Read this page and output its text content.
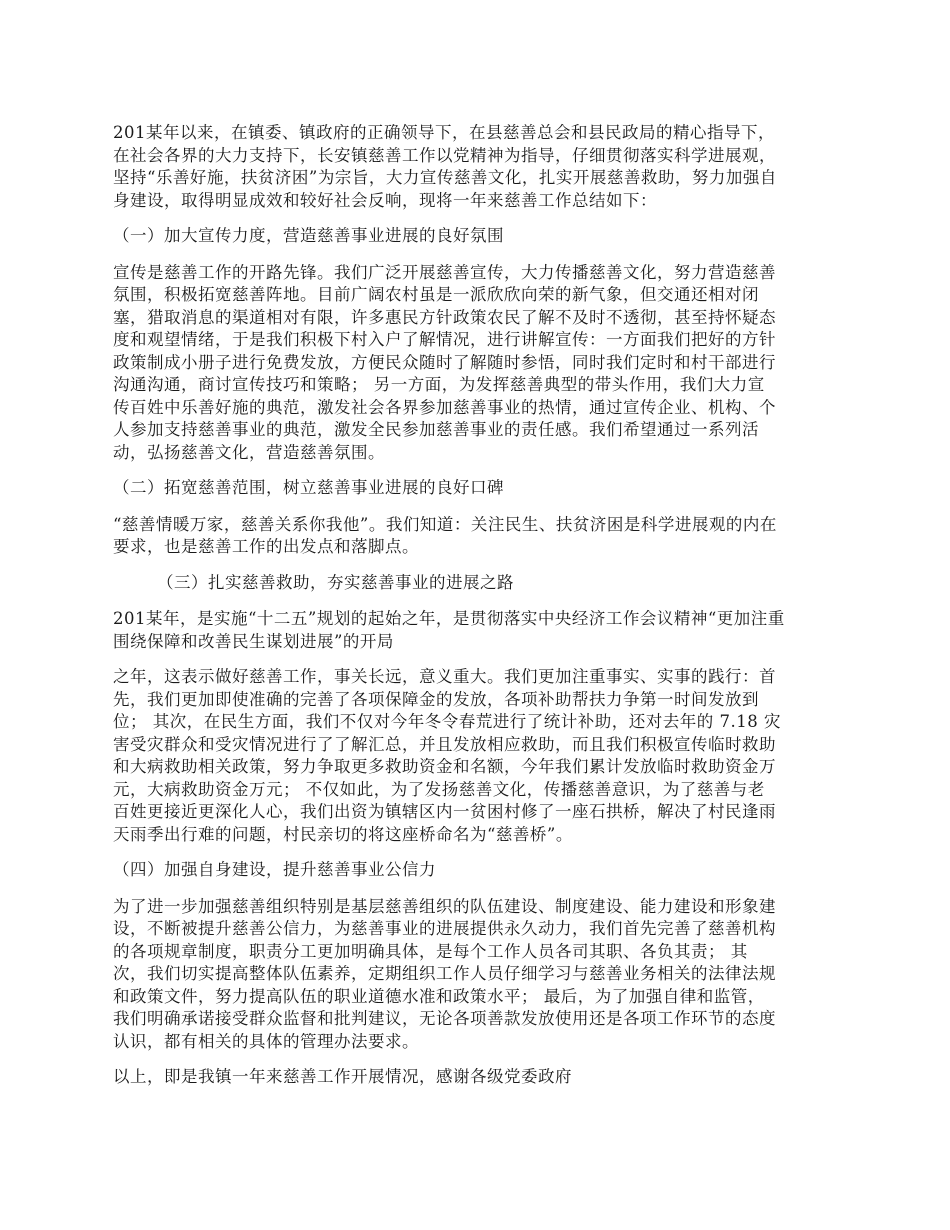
201某年以来，在镇委、镇政府的正确领导下，在县慈善总会和县民政局的精心指导下，
在社会各界的大力支持下，长安镇慈善工作以党精神为指导，仔细贯彻落实科学进展观，
坚持“乐善好施，扶贫济困”为宗旨，大力宣传慈善文化，扎实开展慈善救助，努力加强自
身建设，取得明显成效和较好社会反响，现将一年来慈善工作总结如下：

（一）加大宣传力度，营造慈善事业进展的良好氛围

宣传是慈善工作的开路先锋。我们广泛开展慈善宣传，大力传播慈善文化，努力营造慈善
氛围，积极拓宽慈善阵地。目前广阔农村虽是一派欣欣向荣的新气象，但交通还相对闭
塞，猎取消息的渠道相对有限，许多惠民方针政策农民了解不及时不透彻，甚至持怀疑态
度和观望情绪，于是我们积极下村入户了解情况，进行讲解宣传：一方面我们把好的方针
政策制成小册子进行免费发放，方便民众随时了解随时参悟，同时我们定时和村干部进行
沟通沟通，商讨宣传技巧和策略； 另一方面，为发挥慈善典型的带头作用，我们大力宣
传百姓中乐善好施的典范，激发社会各界参加慈善事业的热情，通过宣传企业、机构、个
人参加支持慈善事业的典范，激发全民参加慈善事业的责任感。我们希望通过一系列活
动，弘扬慈善文化，营造慈善氛围。

（二）拓宽慈善范围，树立慈善事业进展的良好口碑

“慈善情暖万家，慈善关系你我他”。我们知道：关注民生、扶贫济困是科学进展观的内在
要求，也是慈善工作的出发点和落脚点。

（三）扎实慈善救助，夯实慈善事业的进展之路

201某年，是实施“十二五”规划的起始之年，是贯彻落实中央经济工作会议精神“更加注重
围绕保障和改善民生谋划进展”的开局

之年，这表示做好慈善工作，事关长远，意义重大。我们更加注重事实、实事的践行：首
先，我们更加即使准确的完善了各项保障金的发放，各项补助帮扶力争第一时间发放到
位； 其次，在民生方面，我们不仅对今年冬令春荒进行了统计补助，还对去年的 7.18 灾
害受灾群众和受灾情况进行了了解汇总，并且发放相应救助，而且我们积极宣传临时救助
和大病救助相关政策，努力争取更多救助资金和名额，今年我们累计发放临时救助资金万
元，大病救助资金万元； 不仅如此，为了发扬慈善文化，传播慈善意识，为了慈善与老
百姓更接近更深化人心，我们出资为镇辖区内一贫困村修了一座石拱桥，解决了村民逢雨
天雨季出行难的问题，村民亲切的将这座桥命名为“慈善桥”。

（四）加强自身建设，提升慈善事业公信力

为了进一步加强慈善组织特别是基层慈善组织的队伍建设、制度建设、能力建设和形象建
设，不断被提升慈善公信力，为慈善事业的进展提供永久动力，我们首先完善了慈善机构
的各项规章制度，职责分工更加明确具体，是每个工作人员各司其职、各负其责； 其
次，我们切实提高整体队伍素养，定期组织工作人员仔细学习与慈善业务相关的法律法规
和政策文件，努力提高队伍的职业道德水准和政策水平； 最后，为了加强自律和监管，
我们明确承诺接受群众监督和批判建议，无论各项善款发放使用还是各项工作环节的态度
认识，都有相关的具体的管理办法要求。

以上，即是我镇一年来慈善工作开展情况，感谢各级党委政府
